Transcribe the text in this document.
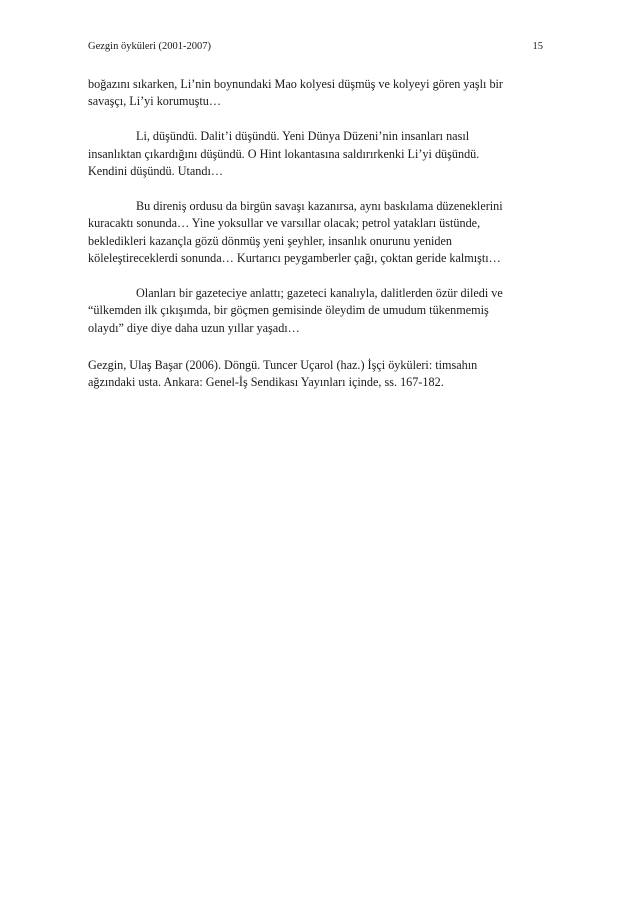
Gezgin öyküleri (2001-2007)	15

boğazını sıkarken, Li’nin boynundaki Mao kolyesi düşmüş ve kolyeyi gören yaşlı bir
savaşçı, Li’yi korumuştu…

Li, düşündü. Dalit’i düşündü. Yeni Dünya Düzeni’nin insanları nasıl
insanlıktan çıkardığını düşündü. O Hint lokantasına saldırırkenki Li’yi düşündü.
Kendini düşündü. Utandı…

Bu direniş ordusu da birgün savaşı kazanırsa, aynı baskılama düzeneklerini
kuracaktı sonunda… Yine yoksullar ve varsıllar olacak; petrol yatakları üstünde,
bekledikleri kazançla gözü dönmüş yeni şeyhler, insanlık onurunu yeniden
köleleştireceklerdi sonunda… Kurtarıcı peygamberler çağı, çoktan geride kalmıştı…

Olanları bir gazeteciye anlattı; gazeteci kanalıyla, dalitlerden özür diledi ve
“ülkemden ilk çıkışımda, bir göçmen gemisinde öleydim de umudum tükenmemiş
olaydı” diye diye daha uzun yıllar yaşadı…

Gezgin, Ulaş Başar (2006). Döngü. Tuncer Uçarol (haz.) İşçi öyküleri: timsahın
ağzındaki usta. Ankara: Genel-İş Sendikası Yayınları içinde, ss. 167-182.
